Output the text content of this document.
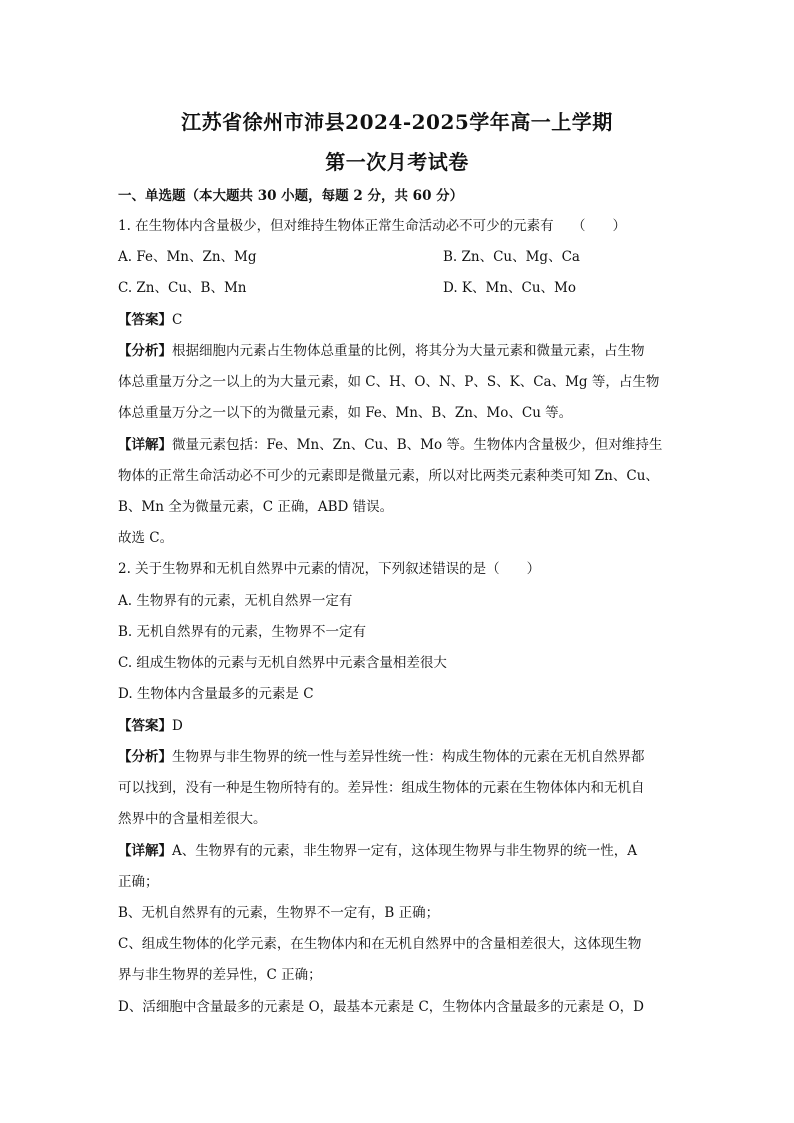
江苏省徐州市沛县2024-2025学年高一上学期
第一次月考试卷
一、单选题（本大题共 30 小题，每题 2 分，共 60 分）
1. 在生物体内含量极少，但对维持生物体正常生命活动必不可少的元素有 （　　）
A. Fe、Mn、Zn、Mg	B. Zn、Cu、Mg、Ca
C. Zn、Cu、B、Mn	D. K、Mn、Cu、Mo
【答案】C
【分析】根据细胞内元素占生物体总重量的比例，将其分为大量元素和微量元素，占生物
体总重量万分之一以上的为大量元素，如 C、H、O、N、P、S、K、Ca、Mg 等，占生物
体总重量万分之一以下的为微量元素，如 Fe、Mn、B、Zn、Mo、Cu 等。
【详解】微量元素包括：Fe、Mn、Zn、Cu、B、Mo 等。生物体内含量极少，但对维持生
物体的正常生命活动必不可少的元素即是微量元素，所以对比两类元素种类可知 Zn、Cu、
B、Mn 全为微量元素，C 正确，ABD 错误。
故选 C。
2. 关于生物界和无机自然界中元素的情况，下列叙述错误的是（　　）
A. 生物界有的元素，无机自然界一定有
B. 无机自然界有的元素，生物界不一定有
C. 组成生物体的元素与无机自然界中元素含量相差很大
D. 生物体内含量最多的元素是 C
【答案】D
【分析】生物界与非生物界的统一性与差异性统一性：构成生物体的元素在无机自然界都
可以找到，没有一种是生物所特有的。差异性：组成生物体的元素在生物体体内和无机自
然界中的含量相差很大。
【详解】A、生物界有的元素，非生物界一定有，这体现生物界与非生物界的统一性，A
正确；
B、无机自然界有的元素，生物界不一定有，B 正确；
C、组成生物体的化学元素，在生物体内和在无机自然界中的含量相差很大，这体现生物
界与非生物界的差异性，C 正确；
D、活细胞中含量最多的元素是 O，最基本元素是 C，生物体内含量最多的元素是 O，D
